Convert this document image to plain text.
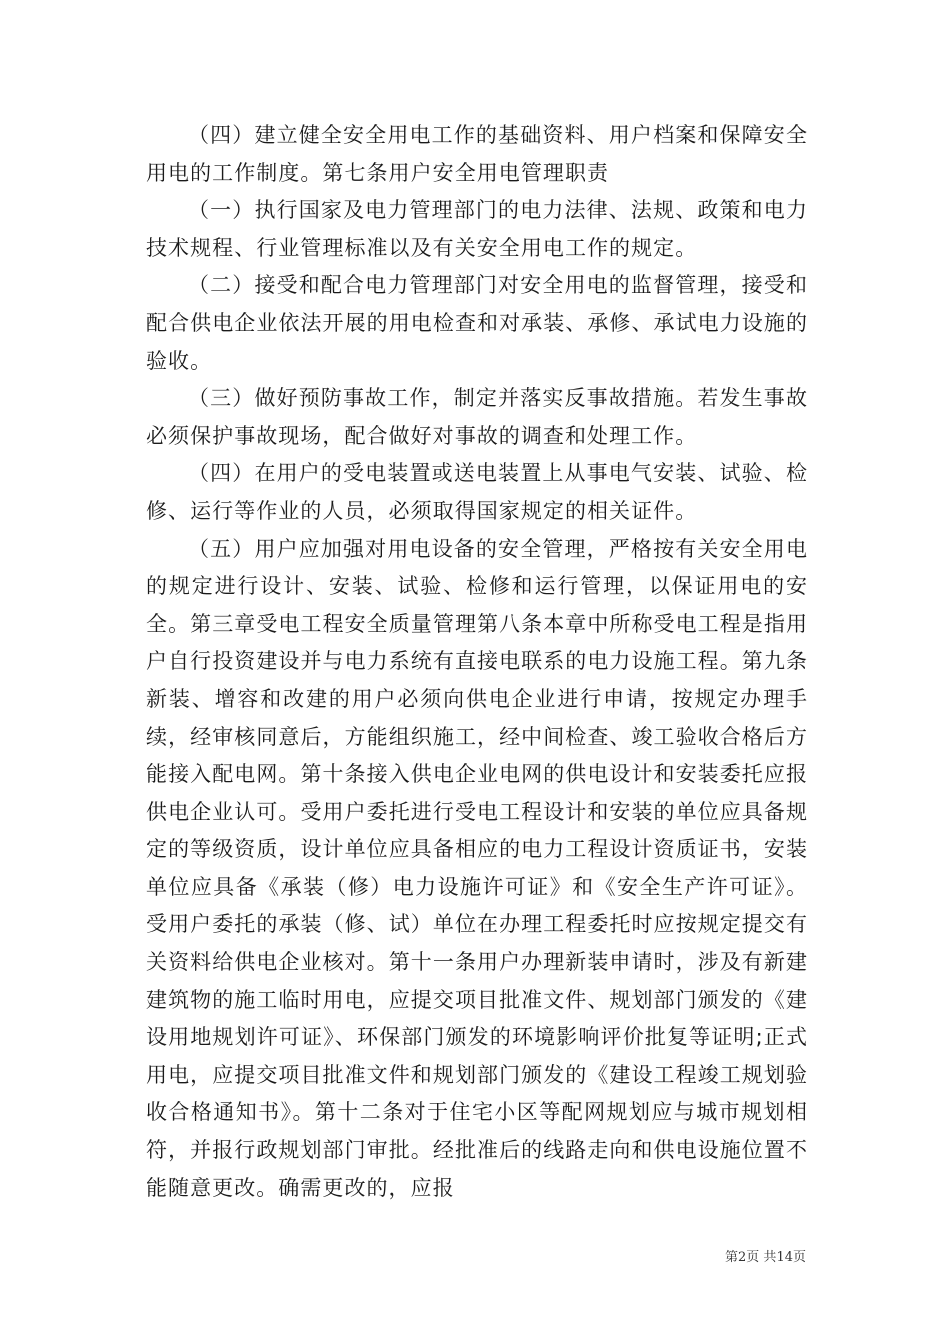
（四）建立健全安全用电工作的基础资料、用户档案和保障安全用电的工作制度。第七条用户安全用电管理职责

（一）执行国家及电力管理部门的电力法律、法规、政策和电力技术规程、行业管理标准以及有关安全用电工作的规定。

（二）接受和配合电力管理部门对安全用电的监督管理，接受和配合供电企业依法开展的用电检查和对承装、承修、承试电力设施的验收。

（三）做好预防事故工作，制定并落实反事故措施。若发生事故必须保护事故现场，配合做好对事故的调查和处理工作。

（四）在用户的受电装置或送电装置上从事电气安装、试验、检修、运行等作业的人员，必须取得国家规定的相关证件。

（五）用户应加强对用电设备的安全管理，严格按有关安全用电的规定进行设计、安装、试验、检修和运行管理，以保证用电的安全。第三章受电工程安全质量管理第八条本章中所称受电工程是指用户自行投资建设并与电力系统有直接电联系的电力设施工程。第九条新装、增容和改建的用户必须向供电企业进行申请，按规定办理手续，经审核同意后，方能组织施工，经中间检查、竣工验收合格后方能接入配电网。第十条接入供电企业电网的供电设计和安装委托应报供电企业认可。受用户委托进行受电工程设计和安装的单位应具备规定的等级资质，设计单位应具备相应的电力工程设计资质证书，安装单位应具备《承装（修）电力设施许可证》和《安全生产许可证》。受用户委托的承装（修、试）单位在办理工程委托时应按规定提交有关资料给供电企业核对。第十一条用户办理新装申请时，涉及有新建建筑物的施工临时用电，应提交项目批准文件、规划部门颁发的《建设用地规划许可证》、环保部门颁发的环境影响评价批复等证明;正式用电，应提交项目批准文件和规划部门颁发的《建设工程竣工规划验收合格通知书》。第十二条对于住宅小区等配网规划应与城市规划相符，并报行政规划部门审批。经批准后的线路走向和供电设施位置不能随意更改。确需更改的，应报

第2页 共14页
